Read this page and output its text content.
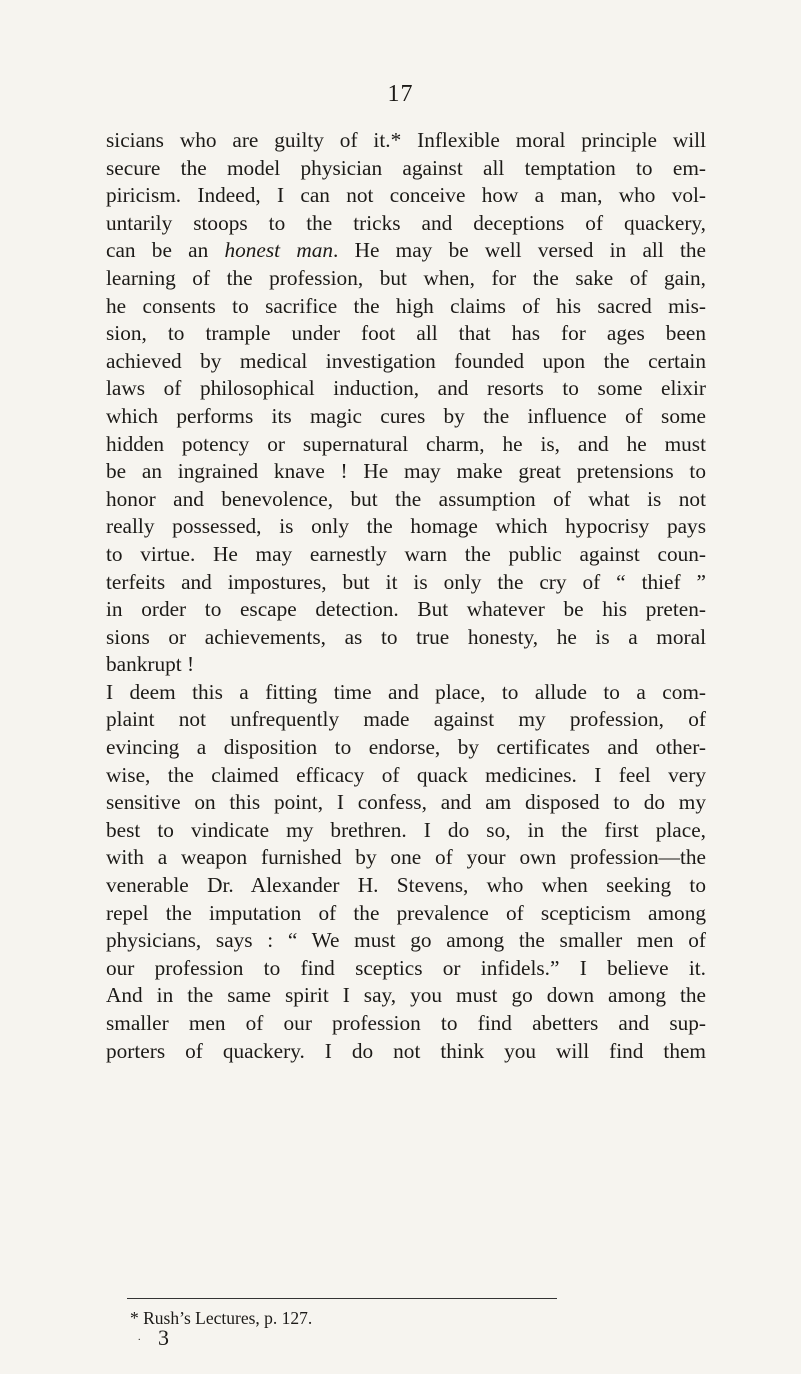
17
sicians who are guilty of it.* Inflexible moral principle will
secure the model physician against all temptation to em-
piricism. Indeed, I can not conceive how a man, who vol-
untarily stoops to the tricks and deceptions of quackery,
can be an honest man. He may be well versed in all the
learning of the profession, but when, for the sake of gain,
he consents to sacrifice the high claims of his sacred mis-
sion, to trample under foot all that has for ages been
achieved by medical investigation founded upon the certain
laws of philosophical induction, and resorts to some elixir
which performs its magic cures by the influence of some
hidden potency or supernatural charm, he is, and he must
be an ingrained knave ! He may make great pretensions to
honor and benevolence, but the assumption of what is not
really possessed, is only the homage which hypocrisy pays
to virtue. He may earnestly warn the public against coun-
terfeits and impostures, but it is only the cry of “ thief ”
in order to escape detection. But whatever be his preten-
sions or achievements, as to true honesty, he is a moral
bankrupt !
I deem this a fitting time and place, to allude to a com-
plaint not unfrequently made against my profession, of
evincing a disposition to endorse, by certificates and other-
wise, the claimed efficacy of quack medicines. I feel very
sensitive on this point, I confess, and am disposed to do my
best to vindicate my brethren. I do so, in the first place,
with a weapon furnished by one of your own profession—the
venerable Dr. Alexander H. Stevens, who when seeking to
repel the imputation of the prevalence of scepticism among
physicians, says : “ We must go among the smaller men of
our profession to find sceptics or infidels.” I believe it.
And in the same spirit I say, you must go down among the
smaller men of our profession to find abetters and sup-
porters of quackery. I do not think you will find them
* Rush’s Lectures, p. 127.
. 3
